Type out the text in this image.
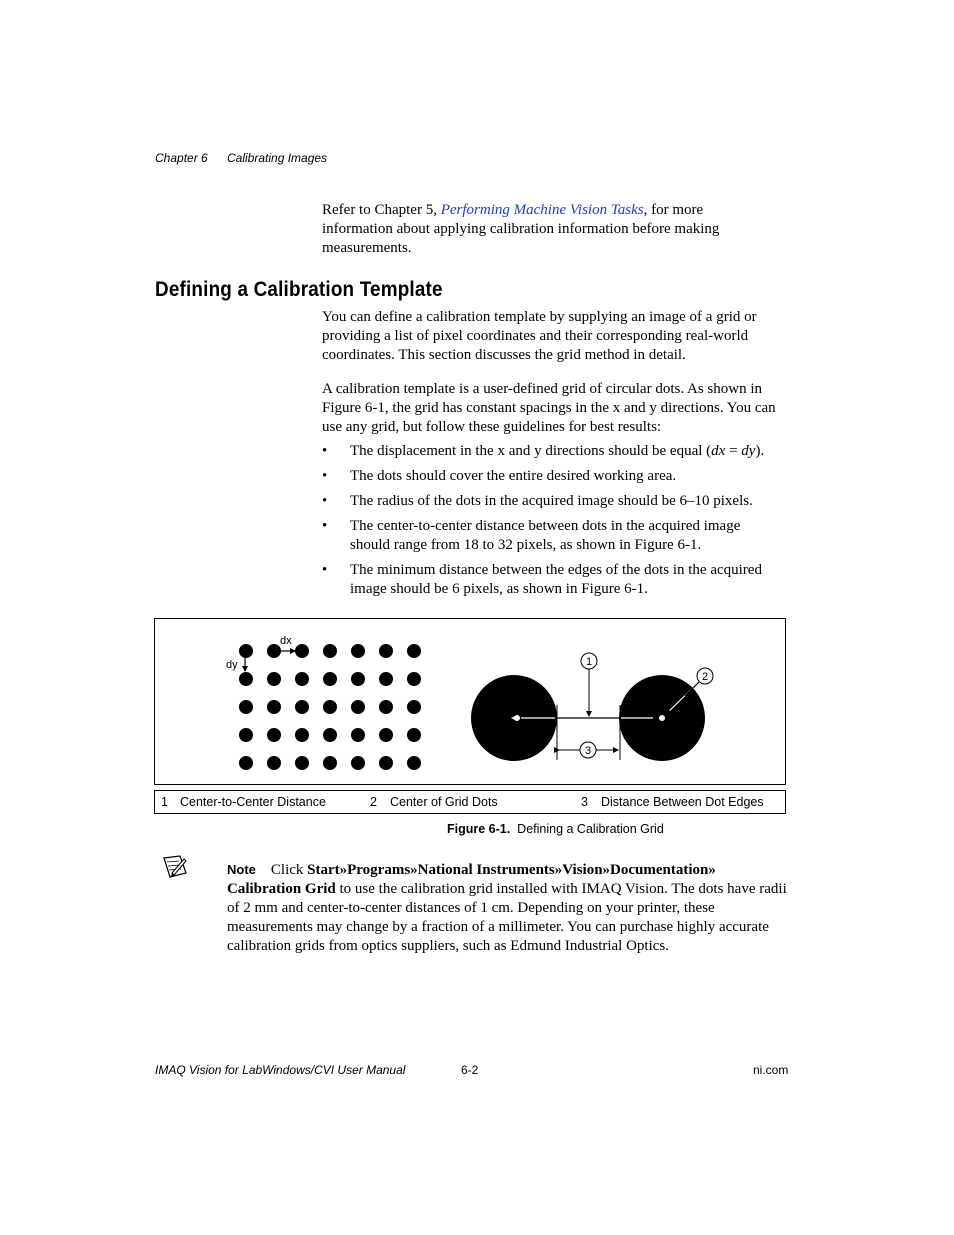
Chapter 6 Calibrating Images
Refer to Chapter 5, Performing Machine Vision Tasks, for more information about applying calibration information before making measurements.
Defining a Calibration Template
You can define a calibration template by supplying an image of a grid or providing a list of pixel coordinates and their corresponding real-world coordinates. This section discusses the grid method in detail.
A calibration template is a user-defined grid of circular dots. As shown in Figure 6-1, the grid has constant spacings in the x and y directions. You can use any grid, but follow these guidelines for best results:
• The displacement in the x and y directions should be equal (dx = dy).
• The dots should cover the entire desired working area.
• The radius of the dots in the acquired image should be 6–10 pixels.
• The center-to-center distance between dots in the acquired image should range from 18 to 32 pixels, as shown in Figure 6-1.
• The minimum distance between the edges of the dots in the acquired image should be 6 pixels, as shown in Figure 6-1.
dx
dy	1
2
3
1 Center-to-Center Distance	2 Center of Grid Dots	3 Distance Between Dot Edges
Figure 6-1. Defining a Calibration Grid
Note Click Start»Programs»National Instruments»Vision»Documentation» Calibration Grid to use the calibration grid installed with IMAQ Vision. The dots have radii of 2 mm and center-to-center distances of 1 cm. Depending on your printer, these measurements may change by a fraction of a millimeter. You can purchase highly accurate calibration grids from optics suppliers, such as Edmund Industrial Optics.
IMAQ Vision for LabWindows/CVI User Manual	6-2	ni.com
